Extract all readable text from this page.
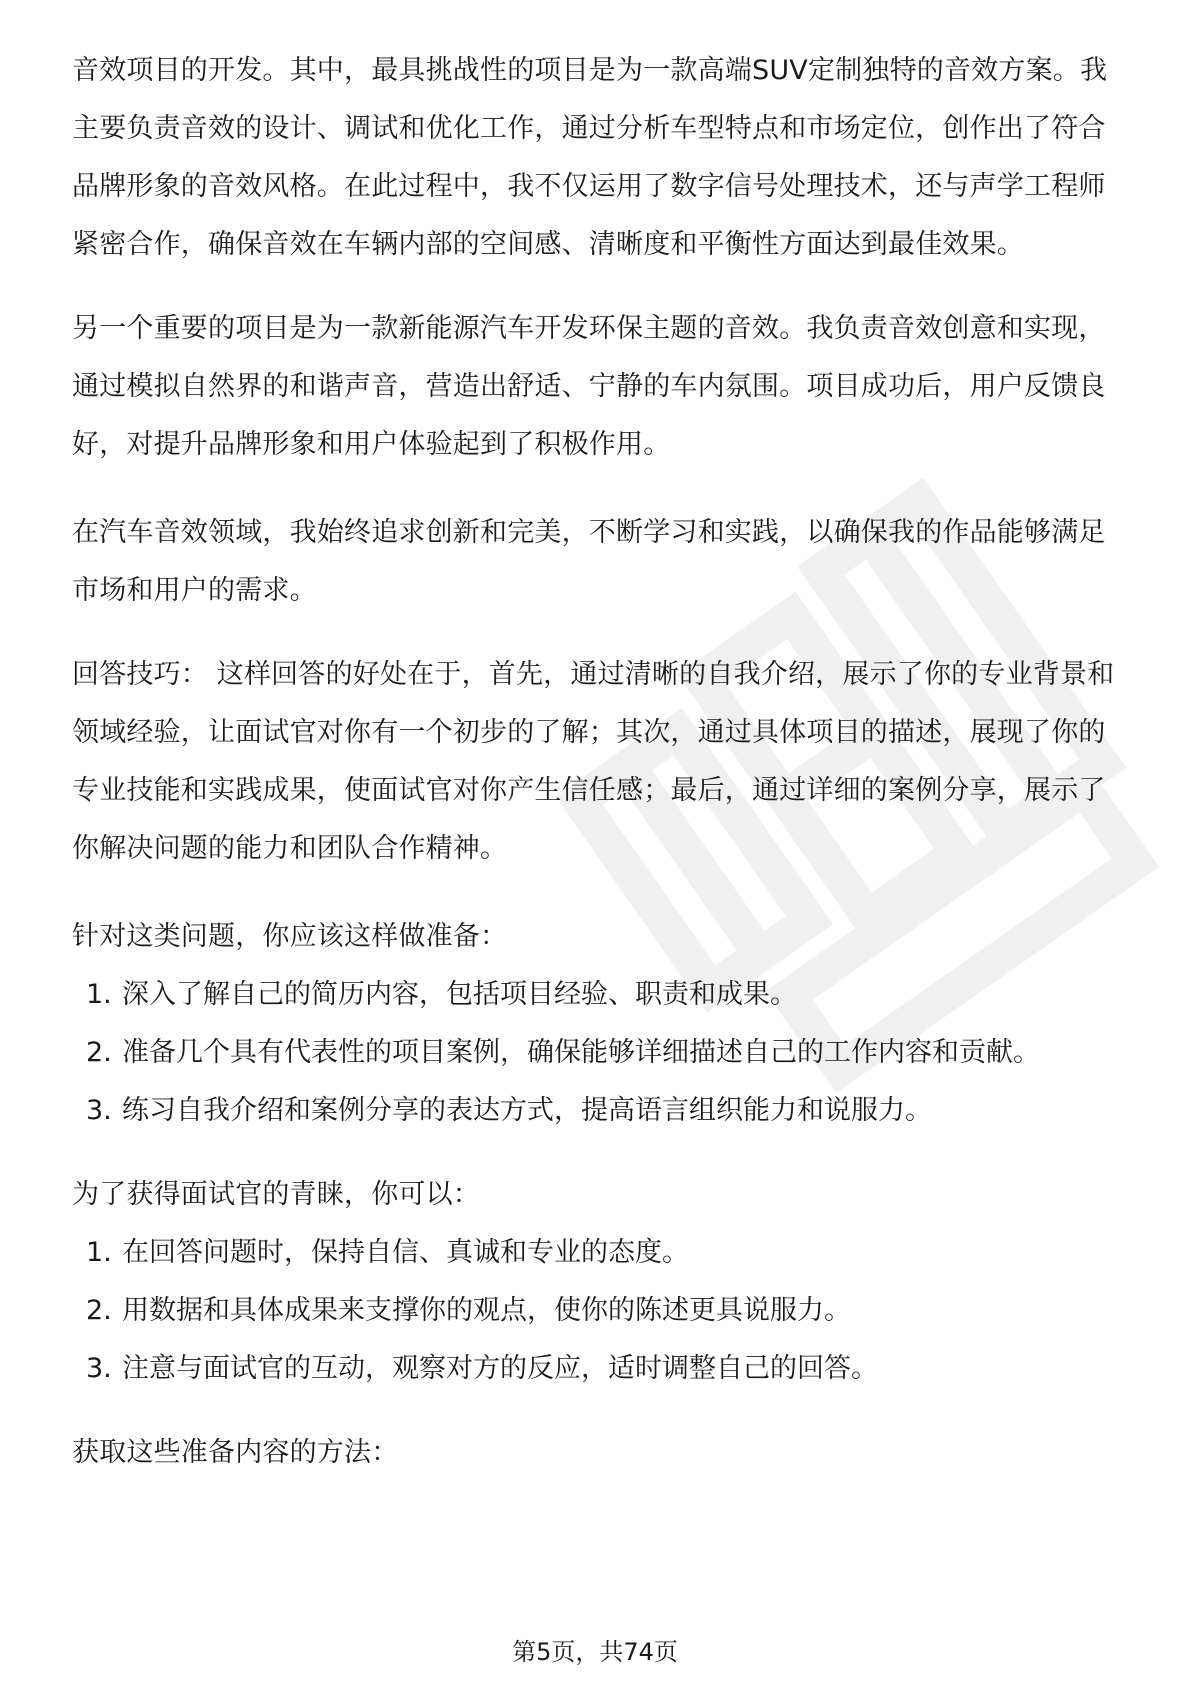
音效项目的开发。其中，最具挑战性的项目是为一款高端SUV定制独特的音效方案。我主要负责音效的设计、调试和优化工作，通过分析车型特点和市场定位，创作出了符合品牌形象的音效风格。在此过程中，我不仅运用了数字信号处理技术，还与声学工程师紧密合作，确保音效在车辆内部的空间感、清晰度和平衡性方面达到最佳效果。

另一个重要的项目是为一款新能源汽车开发环保主题的音效。我负责音效创意和实现，通过模拟自然界的和谐声音，营造出舒适、宁静的车内氛围。项目成功后，用户反馈良好，对提升品牌形象和用户体验起到了积极作用。

在汽车音效领域，我始终追求创新和完美，不断学习和实践，以确保我的作品能够满足市场和用户的需求。

回答技巧： 这样回答的好处在于，首先，通过清晰的自我介绍，展示了你的专业背景和领域经验，让面试官对你有一个初步的了解；其次，通过具体项目的描述，展现了你的专业技能和实践成果，使面试官对你产生信任感；最后，通过详细的案例分享，展示了你解决问题的能力和团队合作精神。

针对这类问题，你应该这样做准备：

1. 深入了解自己的简历内容，包括项目经验、职责和成果。
2. 准备几个具有代表性的项目案例，确保能够详细描述自己的工作内容和贡献。
3. 练习自我介绍和案例分享的表达方式，提高语言组织能力和说服力。

为了获得面试官的青睐，你可以：

1. 在回答问题时，保持自信、真诚和专业的态度。
2. 用数据和具体成果来支撑你的观点，使你的陈述更具说服力。
3. 注意与面试官的互动，观察对方的反应，适时调整自己的回答。

获取这些准备内容的方法：

第5页，共74页
